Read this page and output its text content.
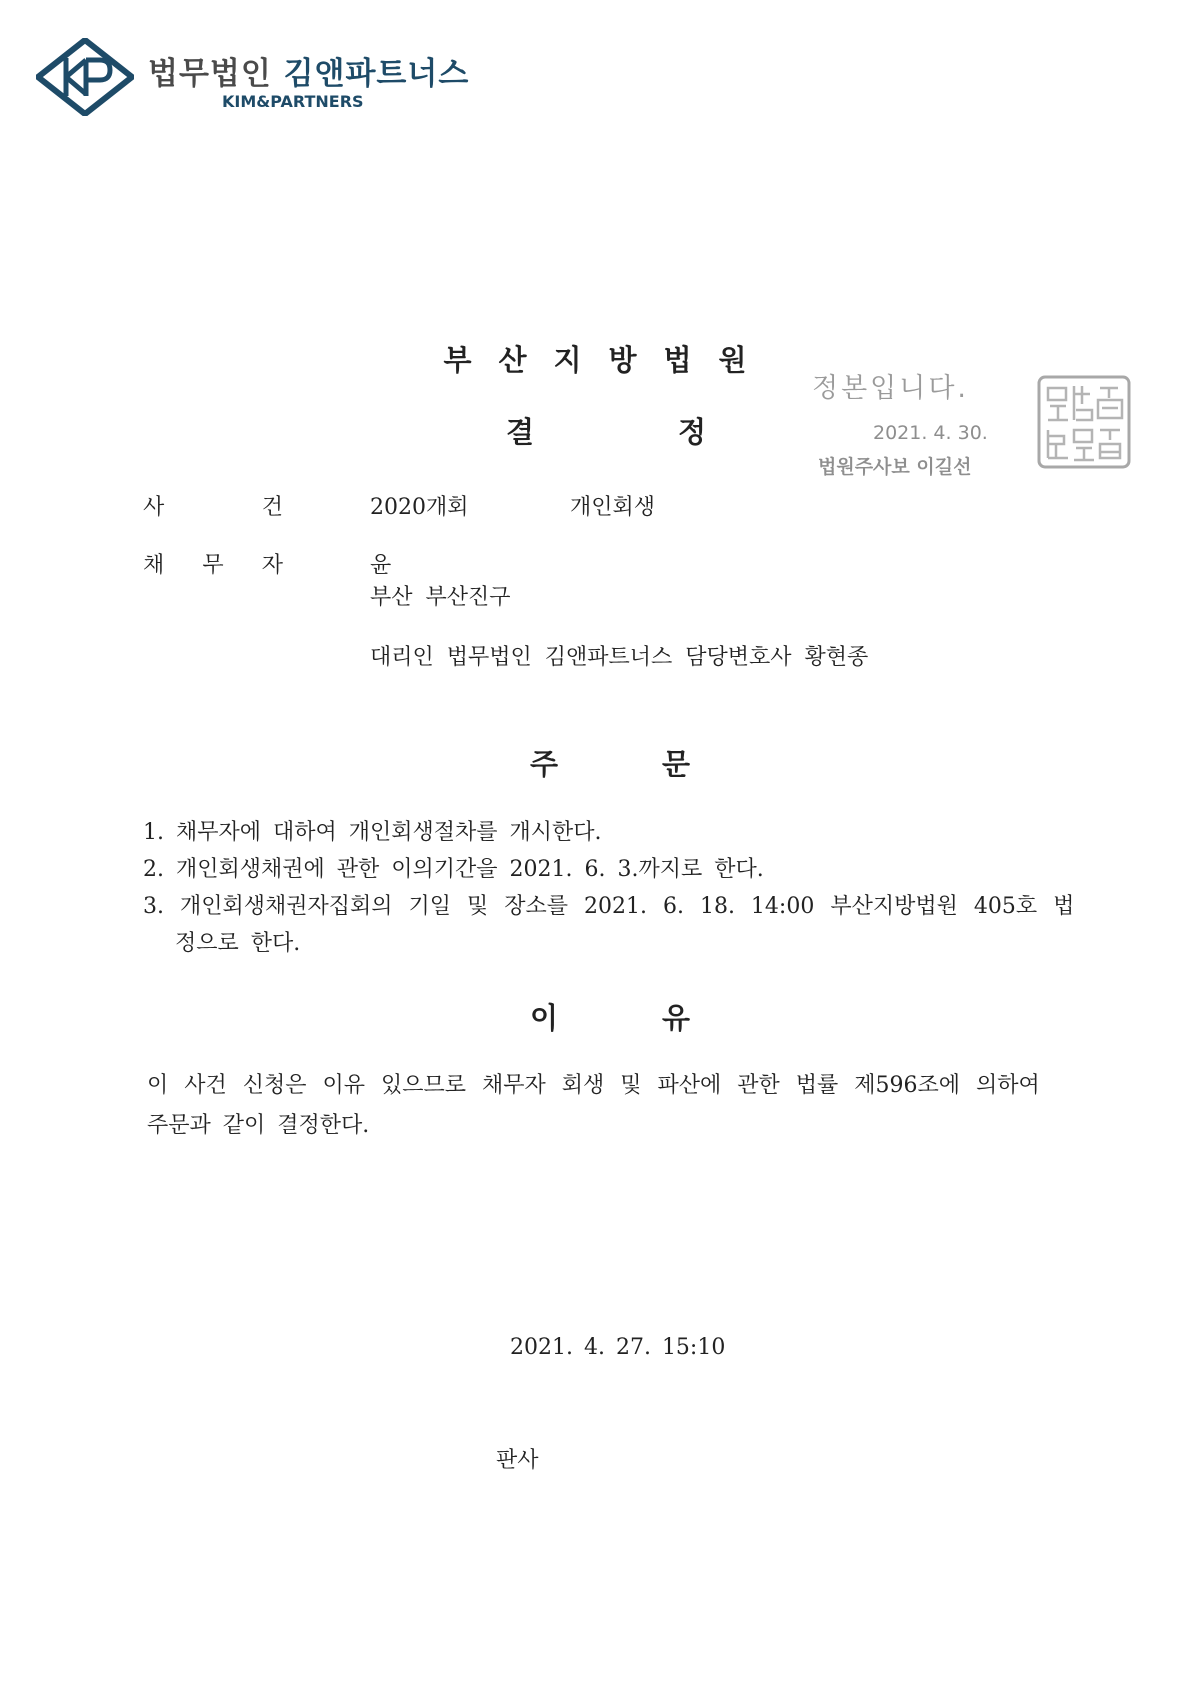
법무법인 김앤파트너스
KIM&PARTNERS
부산지방법원
결	정
정본입니다.
2021. 4. 30.
법원주사보 이길선
사	건	2020개회	개인회생
채 무 자	윤
부산 부산진구
대리인 법무법인 김앤파트너스 담당변호사 황현종
주	문
1. 채무자에 대하여 개인회생절차를 개시한다.
2. 개인회생채권에 관한 이의기간을 2021. 6. 3.까지로 한다.
3. 개인회생채권자집회의 기일 및 장소를 2021. 6. 18. 14:00 부산지방법원 405호 법
정으로 한다.
이	유
이 사건 신청은 이유 있으므로 채무자 회생 및 파산에 관한 법률 제596조에 의하여
주문과 같이 결정한다.
2021. 4. 27. 15:10
판사
